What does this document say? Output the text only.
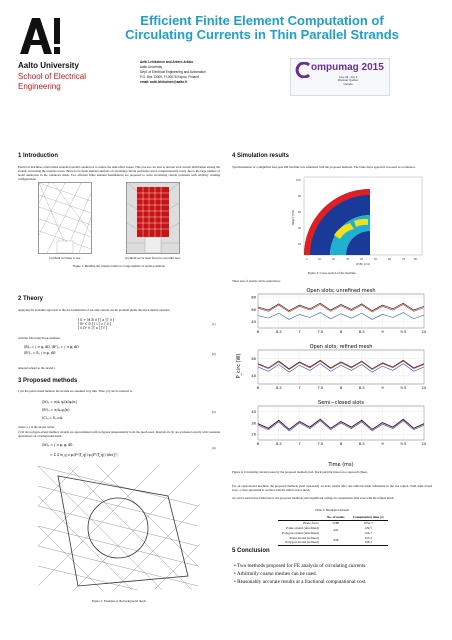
Aalto University
School of Electrical
Engineering
Efficient Finite Element Computation of Circulating Currents in Thin Parallel Strands
Antti Lehikoinen and Antero Arkkio
Aalto University
Dept. of Electrical Engineering and Automation
P.O. Box 13000, FI-00076 Espoo, Finland
email: antti.lehikoinen@aalto.fi
ompumag 2015
June 28 - July 2
Montréal, Québec
Canada
1 Introduction
Electrical machines often utilize stranded parallel conductors to reduce the skin-effect losses. This process can lead to uneven total current distribution among the strands, increasing the resistive losses. Brute-force finite element analysis of circulating current problems can be computationally costly due to the large number of nodal unknowns in the conductor mesh. Two efficient finite element formulations are proposed to solve circulating current problems with arbitrary winding configurations.
(a) Mesh we'd like to use.	(b) Mesh we've been forced to use until now.
Figure 1: Meshing the strands results in a large number of nodal potentials.
2 Theory
Applying the Galerkin approach to the Ax-formulation of an eddy-current circuit problem yields the block matrix equation
[ S + M B 0 ] [ a ] [ 0 ]
[ Bᵀ C D ] [ i ] = [ 0 ]
[ 0 Dᵀ 0 ] [ u ] [ f ]
(1)
with the following block elements
(B)ᵢⱼ = ∫ σ φⱼ dΩ, (Bᵀ)ᵢⱼ = ∫ σ φⱼ dΩ
(Bᵀ)ᵢⱼ = δᵢⱼ ∫ σ φⱼ dΩ	(2)
denoted related to the strand i.
3 Proposed methods
1) In the point-strand method, the strands are assumed very thin. Thus, (2) can be reduced to
(M)ᵢⱼ = σ/Aᵢ φⱼ(xᵢ)φᵢ(xᵢ)
(Bᵀ)ᵢⱼ = σ/Aᵢ φⱼ(xᵢ)
(C)ᵢⱼ = δᵢⱼ σAᵢ
(3)
where x_i is the strand center.
2) In the polygon-strand method, strands are approximated with polygons independently from the mesh used. Integrals in (2) are evaluated exactly with Gaussian quadratures on a background mesh.
(M)ᵢⱼ = ∫ σ φⱼ φᵢ dΩ
= Σ Σ w_q σ φᵢ(Fᵀ(ξ_q)) φⱼ(Fᵀ(ξ_q)) |det Jᵀ|
(4)
Figure 2: Example of the background mesh.
4 Simulation results
Synchronisation of a simplified four-pole PM machine was simulated with the proposed methods. The brute-force approach was used as a reference.
100
80
60
40
20
0	10	20	30	40	50	60	70	80
Width (mm)
Height (mm)
Figure 3: Cross-section of the machine.
Three sets of results can be seen below.
Open slots; unrefined mesh
6	6.5	7	7.5	8	8.5	9	9.5	10
40
60
80
Open slots; refined mesh
6	6.5	7	7.5	8	8.5	9	9.5	10
40
60
Semi−closed slots
6	6.5	7	7.5	8	8.5	9	9.5	10
20
30
40
Time (ms)
P_circ (W)
Figure 4: Circulating current losses by the proposed methods (red, black) and the brute-force approach (blue).
For an open-slotted machine, the proposed methods yield reasonably accurate results after one uniform mesh refinement in the slot region. With semi-closed slots, a close agreement is reached with the initial coarse mesh.
As can be seen in the Table below, the proposed methods yield significant savings in computation time even with the refined mesh.
Table 1: Simulation Details
	No. of nodes	Computation time (s)
Brute-force	5288	1052.7
Point-strand (unrefined)	442	129.5
Polygon-strand (unrefined)		124.7
Point-strand (refined)	938	153.3
Polygon-strand (refined)		158.3
5 Conclusion
• Two methods proposed for FE analysis of circulating currents.
• Arbitrarily coarse meshes can be used.
• Reasonably accurate results at a fractional computational cost.
